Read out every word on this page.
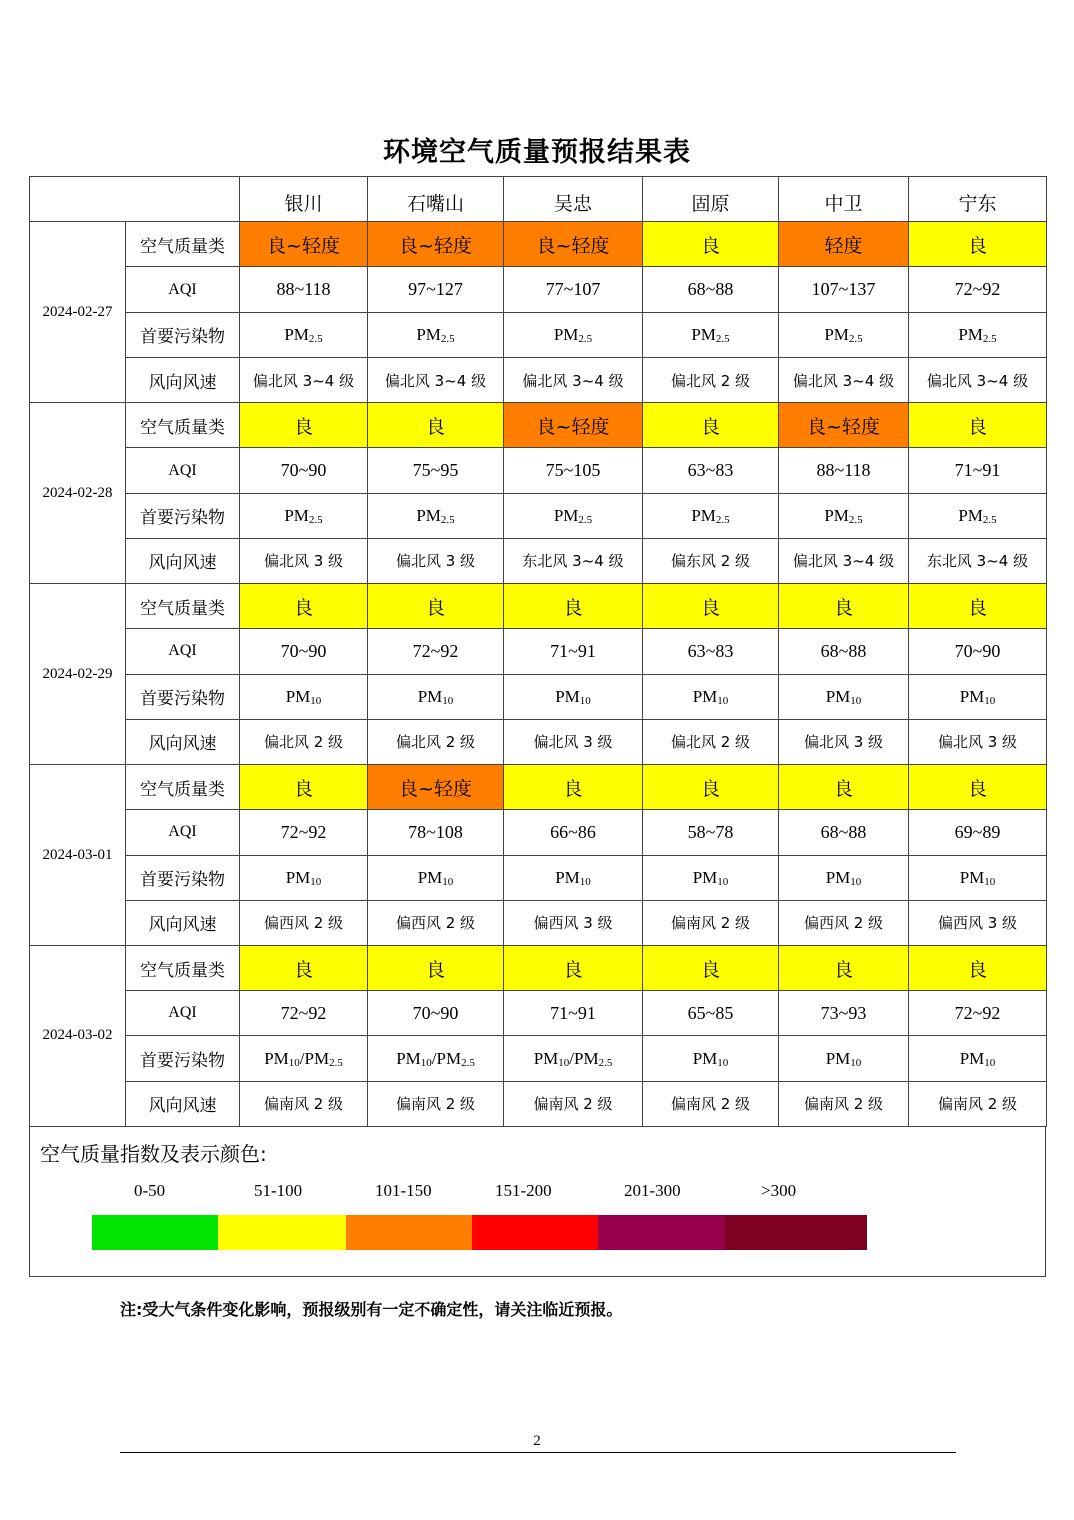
环境空气质量预报结果表
		银川	石嘴山	吴忠	固原	中卫	宁东
2024-02-27	空气质量类	良~轻度	良~轻度	良~轻度	良	轻度	良
	AQI	88~118	97~127	77~107	68~88	107~137	72~92
	首要污染物	$PM_{2.5}$	$PM_{2.5}$	$PM_{2.5}$	$PM_{2.5}$	$PM_{2.5}$	$PM_{2.5}$
	风向风速	偏北风 3~4 级	偏北风 3~4 级	偏北风 3~4 级	偏北风 2 级	偏北风 3~4 级	偏北风 3~4 级
2024-02-28	空气质量类	良	良	良~轻度	良	良~轻度	良
	AQI	70~90	75~95	75~105	63~83	88~118	71~91
	首要污染物	$PM_{2.5}$	$PM_{2.5}$	$PM_{2.5}$	$PM_{2.5}$	$PM_{2.5}$	$PM_{2.5}$
	风向风速	偏北风 3 级	偏北风 3 级	东北风 3~4 级	偏东风 2 级	偏北风 3~4 级	东北风 3~4 级
2024-02-29	空气质量类	良	良	良	良	良	良
	AQI	70~90	72~92	71~91	63~83	68~88	70~90
	首要污染物	$PM_{10}$	$PM_{10}$	$PM_{10}$	$PM_{10}$	$PM_{10}$	$PM_{10}$
	风向风速	偏北风 2 级	偏北风 2 级	偏北风 3 级	偏北风 2 级	偏北风 3 级	偏北风 3 级
2024-03-01	空气质量类	良	良~轻度	良	良	良	良
	AQI	72~92	78~108	66~86	58~78	68~88	69~89
	首要污染物	$PM_{10}$	$PM_{10}$	$PM_{10}$	$PM_{10}$	$PM_{10}$	$PM_{10}$
	风向风速	偏西风 2 级	偏西风 2 级	偏西风 3 级	偏南风 2 级	偏西风 2 级	偏西风 3 级
2024-03-02	空气质量类	良	良	良	良	良	良
	AQI	72~92	70~90	71~91	65~85	73~93	72~92
	首要污染物	$PM_{10}/PM_{2.5}$	$PM_{10}/PM_{2.5}$	$PM_{10}/PM_{2.5}$	$PM_{10}$	$PM_{10}$	$PM_{10}$
	风向风速	偏南风 2 级	偏南风 2 级	偏南风 2 级	偏南风 2 级	偏南风 2 级	偏南风 2 级
空气质量指数及表示颜色:
0-50	51-100	101-150	151-200	201-300	>300
注:受大气条件变化影响，预报级别有一定不确定性，请关注临近预报。
2
